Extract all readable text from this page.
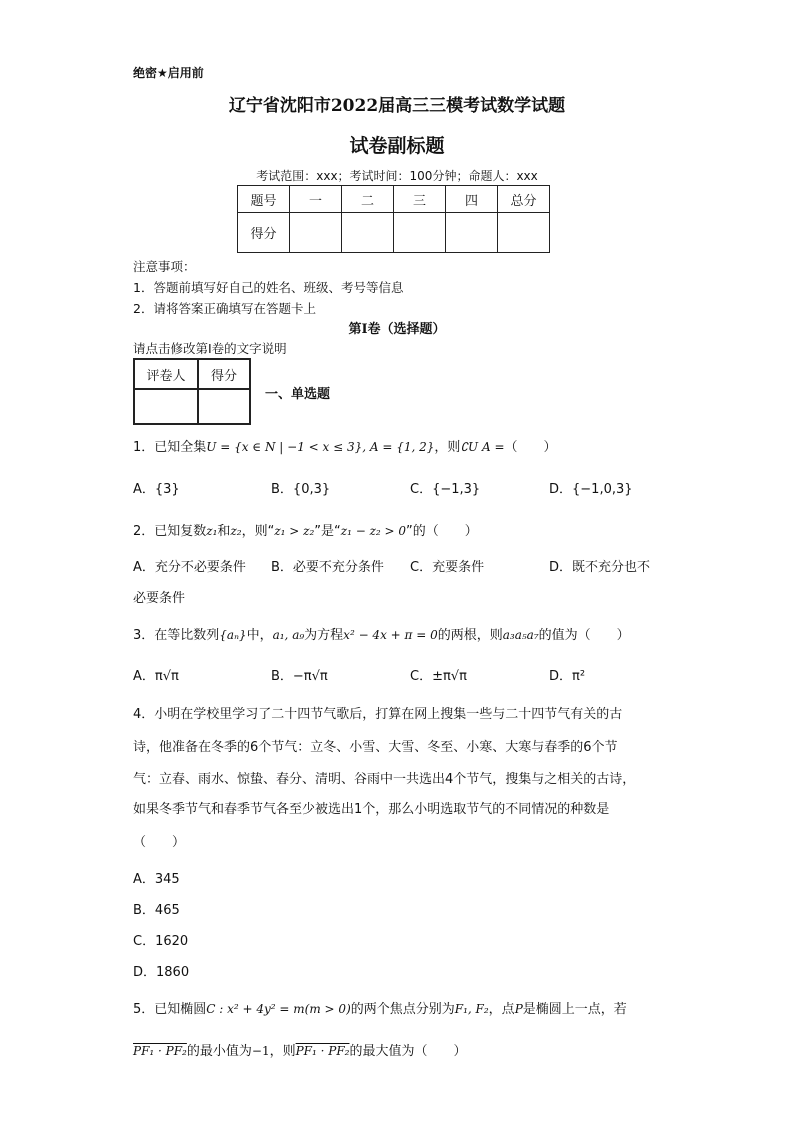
绝密★启用前
辽宁省沈阳市2022届高三三模考试数学试题
试卷副标题
考试范围：xxx；考试时间：100分钟；命题人：xxx
题号	一	二	三	四	总分
得分					
注意事项：
1．答题前填写好自己的姓名、班级、考号等信息
2．请将答案正确填写在答题卡上
第I卷（选择题）
请点击修改第I卷的文字说明
评卷人	得分

一、单选题
1．已知全集U = {x ∈ N | −1 < x ≤ 3}, A = {1, 2}，则∁U A =（　　）
A．{3}	B．{0,3}	C．{−1,3}	D．{−1,0,3}
2．已知复数z₁和z₂，则“z₁ > z₂”是“z₁ − z₂ > 0”的（　　）
A．充分不必要条件 B．必要不充分条件 C．充要条件	D．既不充分也不
必要条件
3．在等比数列{aₙ}中，a₁, a₉为方程x² − 4x + π = 0的两根，则a₃a₅a₇的值为（　　）
A．π√π	B．−π√π	C．±π√π	D．π²
4．小明在学校里学习了二十四节气歌后，打算在网上搜集一些与二十四节气有关的古
诗，他准备在冬季的6个节气：立冬、小雪、大雪、冬至、小寒、大寒与春季的6个节
气：立春、雨水、惊蛰、春分、清明、谷雨中一共选出4个节气，搜集与之相关的古诗，
如果冬季节气和春季节气各至少被选出1个，那么小明选取节气的不同情况的种数是
（　　）
A．345
B．465
C．1620
D．1860
5．已知椭圆C : x² + 4y² = m(m > 0)的两个焦点分别为F₁, F₂，点P是椭圆上一点，若
PF₁ · PF₂的最小值为−1，则PF₁ · PF₂的最大值为（　　）
